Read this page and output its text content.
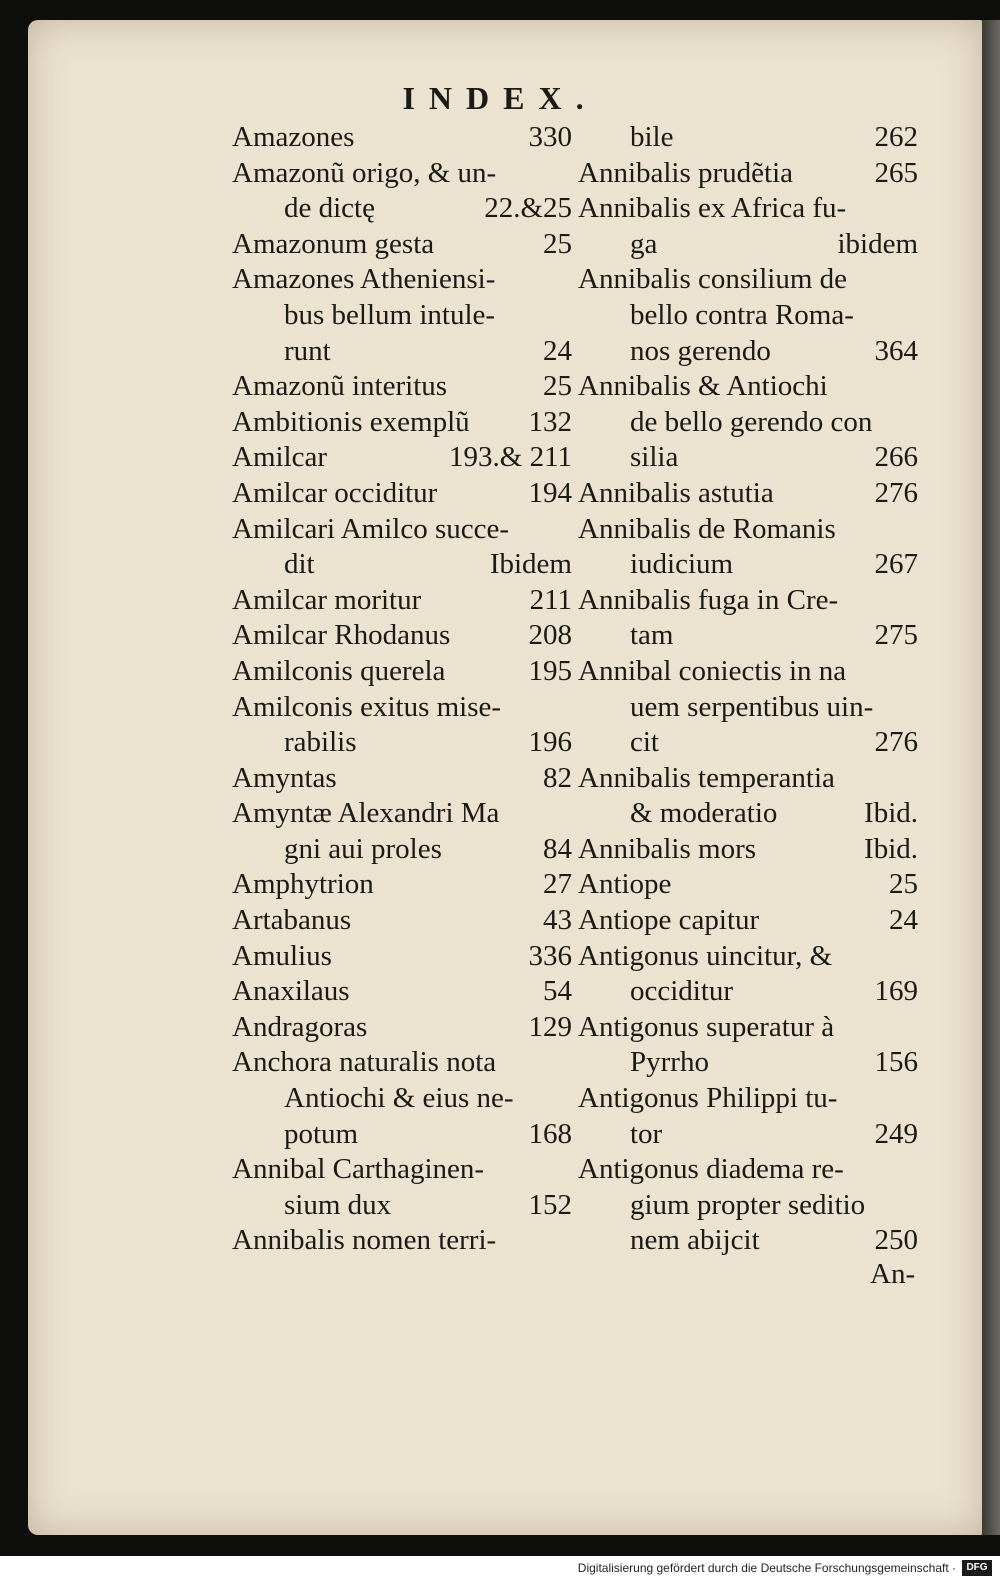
INDEX.
Amazones	330
Amazonũ origo, & un-
de dictę	22.&25
Amazonum gesta	25
Amazones Atheniensi-
bus bellum intule-
runt	24
Amazonũ interitus	25
Ambitionis exemplũ 132
Amilcar	193.& 211
Amilcar occiditur	194
Amilcari Amilco succe-
dit	Ibidem
Amilcar moritur	211
Amilcar Rhodanus	208
Amilconis querela	195
Amilconis exitus mise-
rabilis	196
Amyntas	82
Amyntæ Alexandri Ma
gni aui proles	84
Amphytrion	27
Artabanus	43
Amulius	336
Anaxilaus	54
Andragoras	129
Anchora naturalis nota
Antiochi & eius ne-
potum	168
Annibal Carthaginen-
sium dux	152
Annibalis nomen terri-
bile	262
Annibalis prudẽtia	265
Annibalis ex Africa fu-
ga	ibidem
Annibalis consilium de
bello contra Roma-
nos gerendo	364
Annibalis & Antiochi
de bello gerendo con
silia	266
Annibalis astutia	276
Annibalis de Romanis
iudicium	267
Annibalis fuga in Cre-
tam	275
Annibal coniectis in na
uem serpentibus uin-
cit	276
Annibalis temperantia
& moderatio	Ibid.
Annibalis mors	Ibid.
Antiope	25
Antiope capitur	24
Antigonus uincitur, &
occiditur	169
Antigonus superatur à
Pyrrho	156
Antigonus Philippi tu-
tor	249
Antigonus diadema re-
gium propter seditio
nem abijcit	250
An-
Digitalisierung gefördert durch die Deutsche Forschungsgemeinschaft ·	DFG
